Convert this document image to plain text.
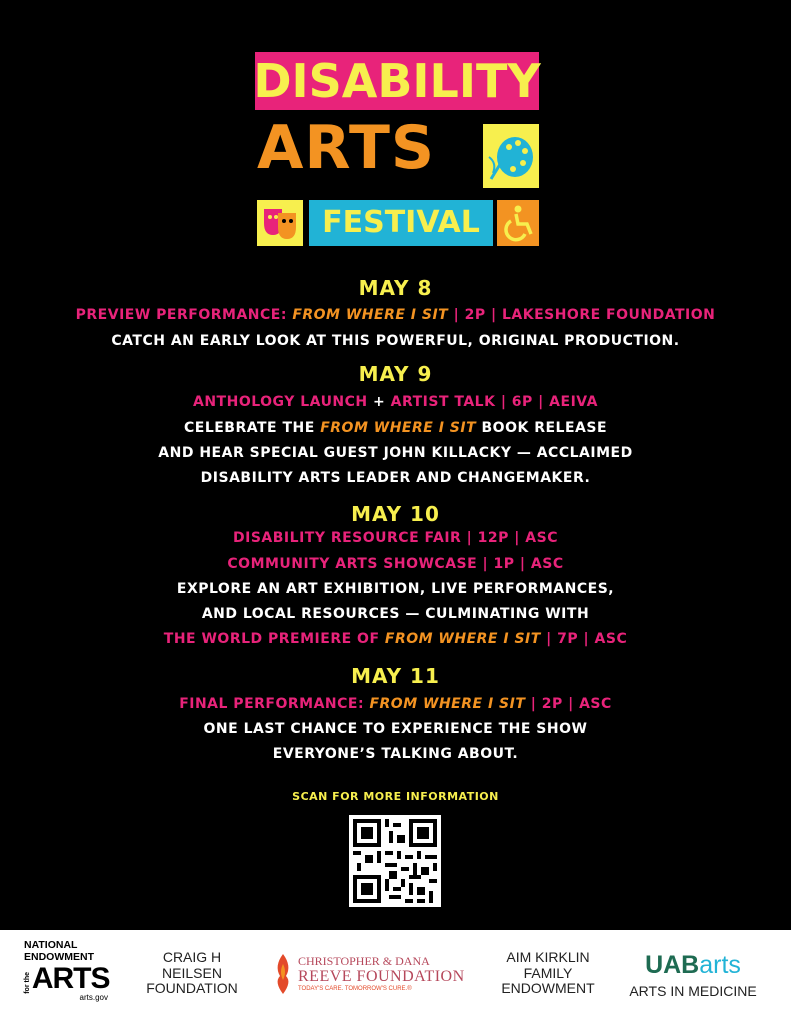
DISABILITY
ARTS
FESTIVAL
MAY 8
PREVIEW PERFORMANCE: FROM WHERE I SIT | 2P | LAKESHORE FOUNDATION
CATCH AN EARLY LOOK AT THIS POWERFUL, ORIGINAL PRODUCTION.
MAY 9
ANTHOLOGY LAUNCH + ARTIST TALK | 6P | AEIVA
CELEBRATE THE FROM WHERE I SIT BOOK RELEASE
AND HEAR SPECIAL GUEST JOHN KILLACKY — ACCLAIMED
DISABILITY ARTS LEADER AND CHANGEMAKER.
MAY 10
DISABILITY RESOURCE FAIR | 12P | ASC
COMMUNITY ARTS SHOWCASE | 1P | ASC
EXPLORE AN ART EXHIBITION, LIVE PERFORMANCES,
AND LOCAL RESOURCES — CULMINATING WITH
THE WORLD PREMIERE OF FROM WHERE I SIT | 7P | ASC
MAY 11
FINAL PERFORMANCE: FROM WHERE I SIT | 2P | ASC
ONE LAST CHANCE TO EXPERIENCE THE SHOW
EVERYONE’S TALKING ABOUT.
SCAN FOR MORE INFORMATION
NATIONAL
ENDOWMENT
for the ARTS
arts.gov
CRAIG H
NEILSEN
FOUNDATION
CHRISTOPHER & DANA
REEVE FOUNDATION
TODAY'S CARE. TOMORROW'S CURE.®
AIM KIRKLIN
FAMILY
ENDOWMENT
UABarts
ARTS IN MEDICINE
